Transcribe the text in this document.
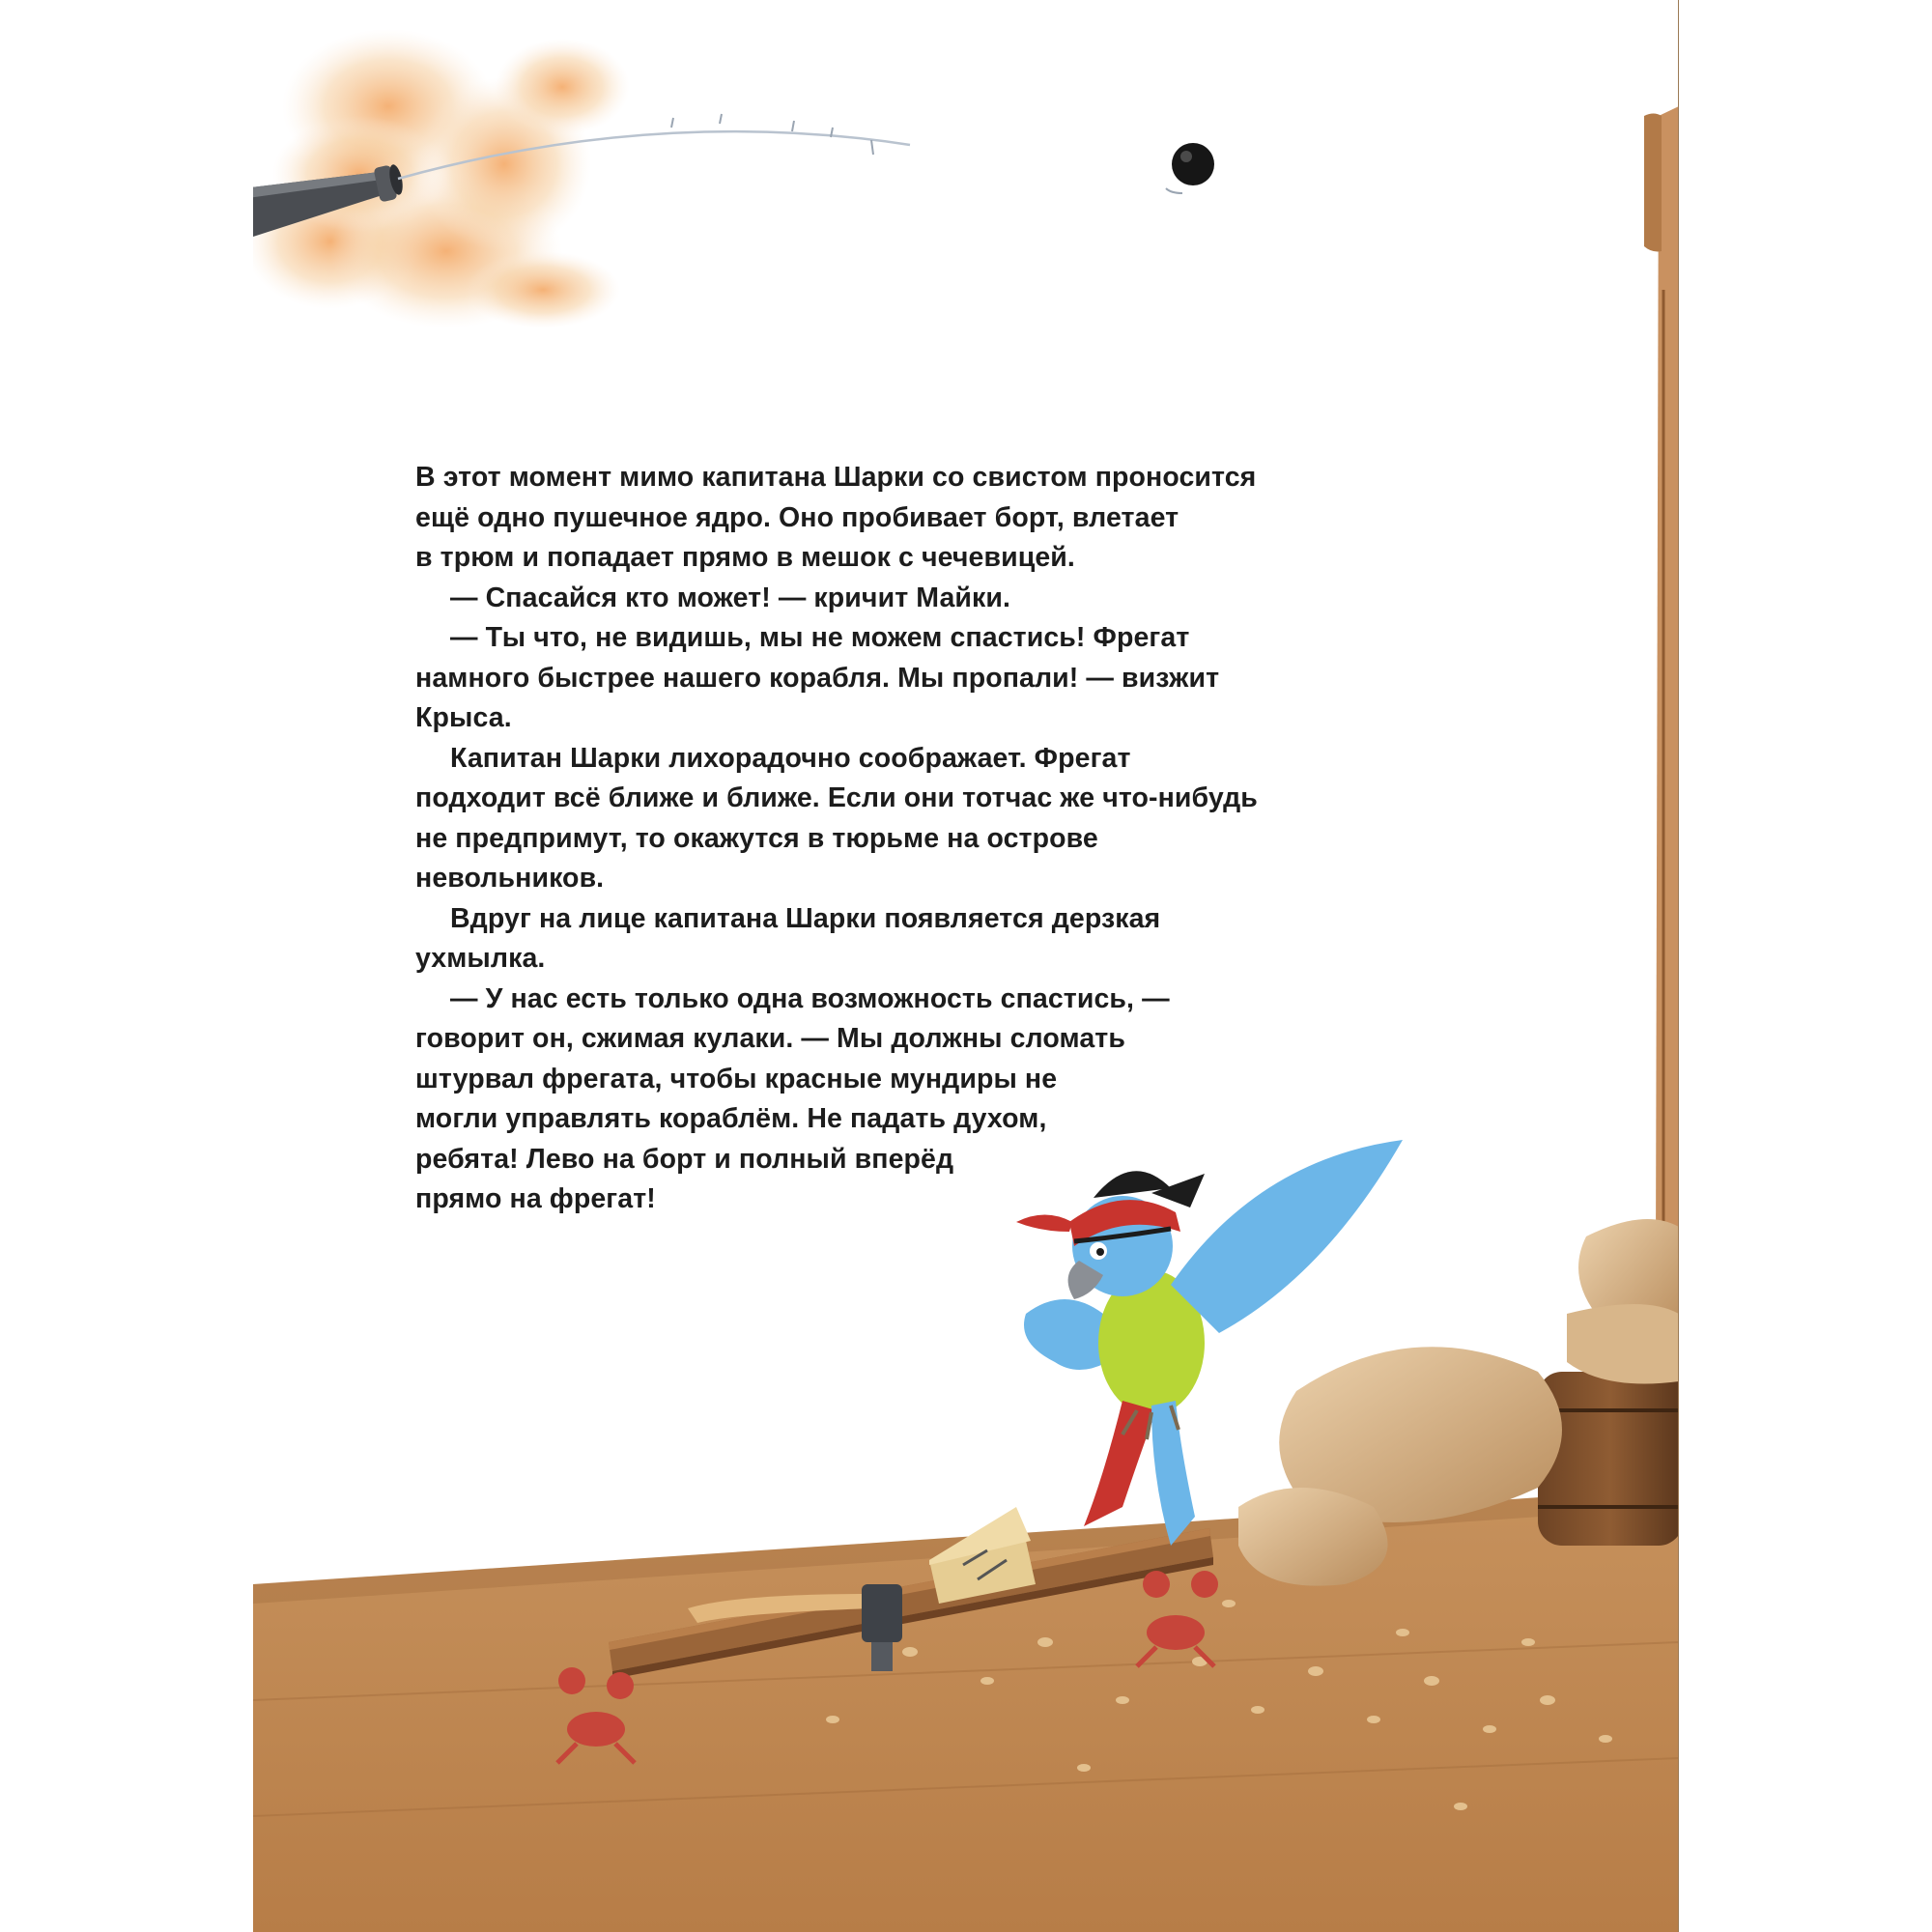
В этот момент мимо капитана Шарки со свистом проносится

ещё одно пушечное ядро. Оно пробивает борт, влетает

в трюм и попадает прямо в мешок с чечевицей.

— Спасайся кто может! — кричит Майки.

— Ты что, не видишь, мы не можем спастись! Фрегат

намного быстрее нашего корабля. Мы пропали! — визжит

Крыса.

Капитан Шарки лихорадочно соображает. Фрегат

подходит всё ближе и ближе. Если они тотчас же что-нибудь

не предпримут, то окажутся в тюрьме на острове

невольников.

Вдруг на лице капитана Шарки появляется дерзкая

ухмылка.

— У нас есть только одна возможность спастись, —

говорит он, сжимая кулаки. — Мы должны сломать

штурвал фрегата, чтобы красные мундиры не

могли управлять кораблём. Не падать духом,

ребята! Лево на борт и полный вперёд

прямо на фрегат!
